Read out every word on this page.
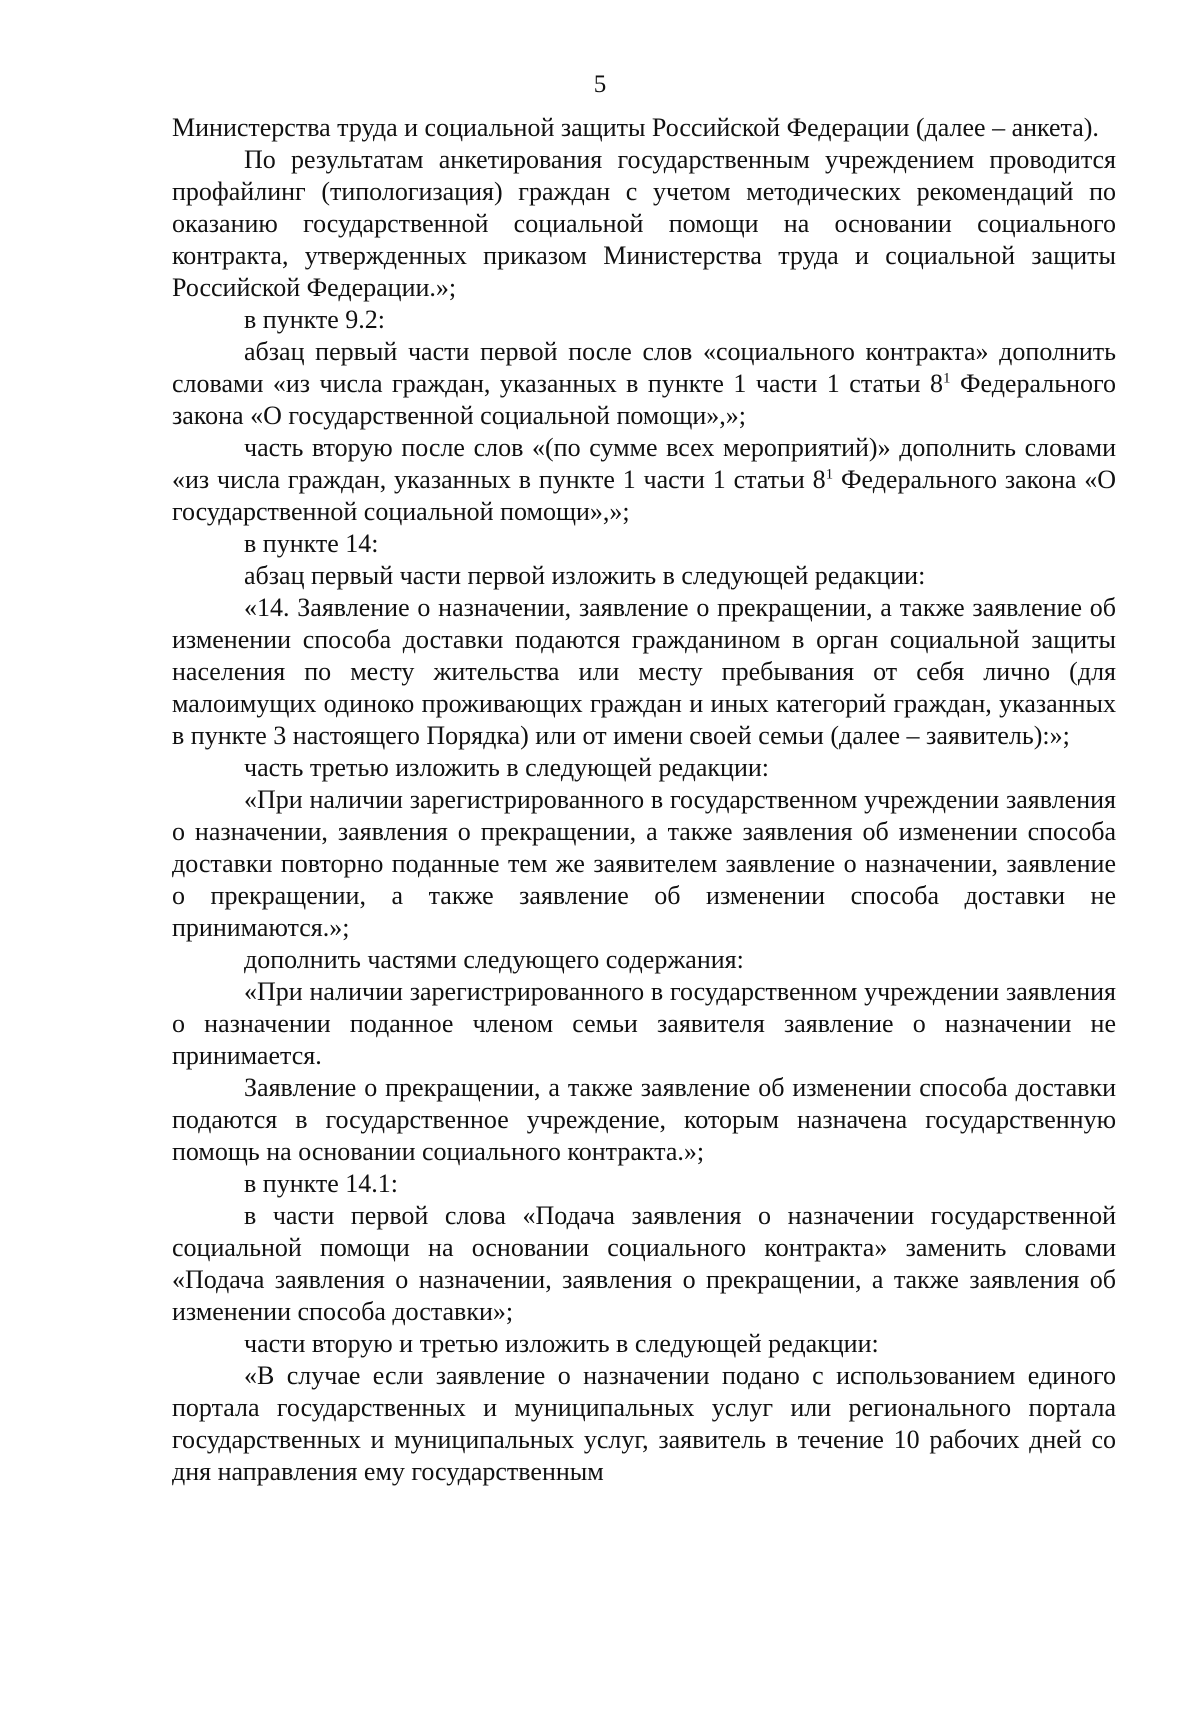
5

Министерства труда и социальной защиты Российской Федерации (далее – анкета).

По результатам анкетирования государственным учреждением проводится профайлинг (типологизация) граждан с учетом методических рекомендаций по оказанию государственной социальной помощи на основании социального контракта, утвержденных приказом Министерства труда и социальной защиты Российской Федерации.»;

в пункте 9.2:

абзац первый части первой после слов «социального контракта» дополнить словами «из числа граждан, указанных в пункте 1 части 1 статьи $8^1$ Федерального закона «О государственной социальной помощи»,»;

часть вторую после слов «(по сумме всех мероприятий)» дополнить словами «из числа граждан, указанных в пункте 1 части 1 статьи $8^1$ Федерального закона «О государственной социальной помощи»,»;

в пункте 14:

абзац первый части первой изложить в следующей редакции:

«14. Заявление о назначении, заявление о прекращении, а также заявление об изменении способа доставки подаются гражданином в орган социальной защиты населения по месту жительства или месту пребывания от себя лично (для малоимущих одиноко проживающих граждан и иных категорий граждан, указанных в пункте 3 настоящего Порядка) или от имени своей семьи (далее – заявитель):»;

часть третью изложить в следующей редакции:

«При наличии зарегистрированного в государственном учреждении заявления о назначении, заявления о прекращении, а также заявления об изменении способа доставки повторно поданные тем же заявителем заявление о назначении, заявление о прекращении, а также заявление об изменении способа доставки не принимаются.»;

дополнить частями следующего содержания:

«При наличии зарегистрированного в государственном учреждении заявления о назначении поданное членом семьи заявителя заявление о назначении не принимается.

Заявление о прекращении, а также заявление об изменении способа доставки подаются в государственное учреждение, которым назначена государственную помощь на основании социального контракта.»;

в пункте 14.1:

в части первой слова «Подача заявления о назначении государственной социальной помощи на основании социального контракта» заменить словами «Подача заявления о назначении, заявления о прекращении, а также заявления об изменении способа доставки»;

части вторую и третью изложить в следующей редакции:

«В случае если заявление о назначении подано с использованием единого портала государственных и муниципальных услуг или регионального портала государственных и муниципальных услуг, заявитель в течение 10 рабочих дней со дня направления ему государственным
